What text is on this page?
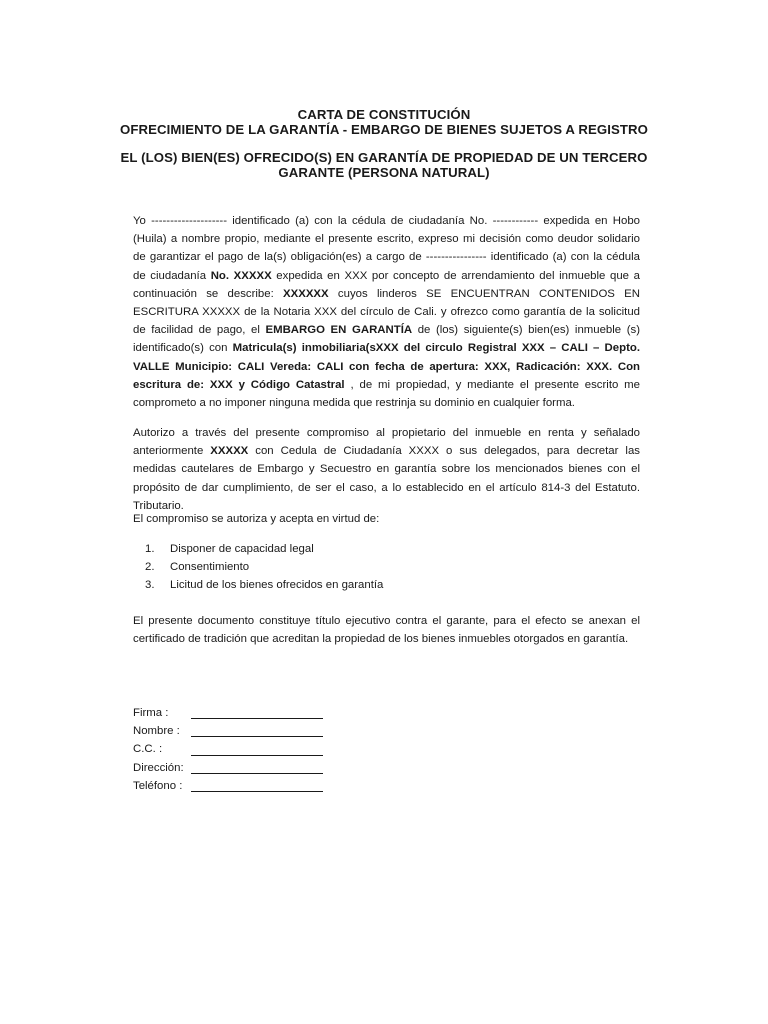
CARTA DE CONSTITUCIÓN
OFRECIMIENTO DE LA GARANTÍA - EMBARGO DE BIENES SUJETOS A REGISTRO
EL (LOS) BIEN(ES) OFRECIDO(S) EN GARANTÍA DE PROPIEDAD DE UN TERCERO
GARANTE (PERSONA NATURAL)
Yo -------------------- identificado (a) con la cédula de ciudadanía No. ------------ expedida en Hobo (Huila) a nombre propio, mediante el presente escrito, expreso mi decisión como deudor solidario de garantizar el pago de la(s) obligación(es) a cargo de ---------------- identificado (a) con la cédula de ciudadanía No. XXXXX expedida en XXX por concepto de arrendamiento del inmueble que a continuación se describe: XXXXXX cuyos linderos SE ENCUENTRAN CONTENIDOS EN ESCRITURA XXXXX de la Notaria XXX del círculo de Cali. y ofrezco como garantía de la solicitud de facilidad de pago, el EMBARGO EN GARANTÍA de (los) siguiente(s) bien(es) inmueble (s) identificado(s) con Matricula(s) inmobiliaria(sXXX del circulo Registral XXX – CALI – Depto. VALLE Municipio: CALI Vereda: CALI con fecha de apertura: XXX, Radicación: XXX. Con escritura de: XXX y Código Catastral , de mi propiedad, y mediante el presente escrito me comprometo a no imponer ninguna medida que restrinja su dominio en cualquier forma.
Autorizo a través del presente compromiso al propietario del inmueble en renta y señalado anteriormente XXXXX con Cedula de Ciudadanía XXXX o sus delegados, para decretar las medidas cautelares de Embargo y Secuestro en garantía sobre los mencionados bienes con el propósito de dar cumplimiento, de ser el caso, a lo establecido en el artículo 814-3 del Estatuto. Tributario.
El compromiso se autoriza y acepta en virtud de:
1.	Disponer de capacidad legal
2.	Consentimiento
3.	Licitud de los bienes ofrecidos en garantía
El presente documento constituye título ejecutivo contra el garante, para el efecto se anexan el certificado de tradición que acreditan la propiedad de los bienes inmuebles otorgados en garantía.
Firma :
Nombre :
C.C. :
Dirección:
Teléfono :
